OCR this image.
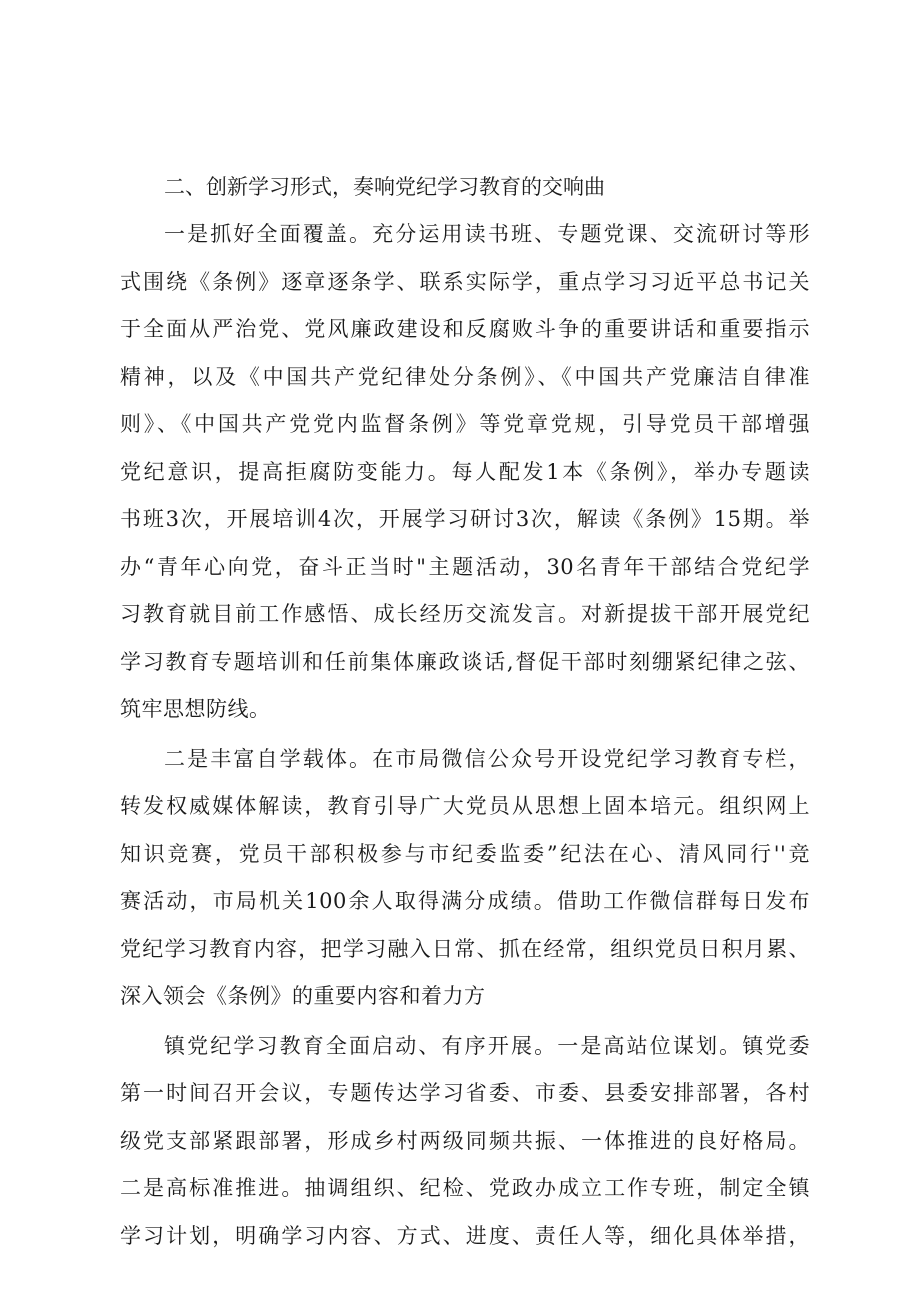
二、创新学习形式，奏响党纪学习教育的交响曲

一是抓好全面覆盖。充分运用读书班、专题党课、交流研讨等形
式围绕《条例》逐章逐条学、联系实际学，重点学习习近平总书记关
于全面从严治党、党风廉政建设和反腐败斗争的重要讲话和重要指示
精神，以及《中国共产党纪律处分条例》、《中国共产党廉洁自律准
则》、《中国共产党党内监督条例》等党章党规，引导党员干部增强
党纪意识，提高拒腐防变能力。每人配发1本《条例》，举办专题读
书班3次，开展培训4次，开展学习研讨3次，解读《条例》15期。举
办“青年心向党，奋斗正当时"主题活动，30名青年干部结合党纪学
习教育就目前工作感悟、成长经历交流发言。对新提拔干部开展党纪
学习教育专题培训和任前集体廉政谈话,督促干部时刻绷紧纪律之弦、
筑牢思想防线。
二是丰富自学载体。在市局微信公众号开设党纪学习教育专栏，
转发权威媒体解读，教育引导广大党员从思想上固本培元。组织网上
知识竞赛，党员干部积极参与市纪委监委”纪法在心、清风同行''竞
赛活动，市局机关100余人取得满分成绩。借助工作微信群每日发布
党纪学习教育内容，把学习融入日常、抓在经常，组织党员日积月累、
深入领会《条例》的重要内容和着力方
镇党纪学习教育全面启动、有序开展。一是高站位谋划。镇党委
第一时间召开会议，专题传达学习省委、市委、县委安排部署，各村
级党支部紧跟部署，形成乡村两级同频共振、一体推进的良好格局。
二是高标准推进。抽调组织、纪检、党政办成立工作专班，制定全镇
学习计划，明确学习内容、方式、进度、责任人等，细化具体举措，
